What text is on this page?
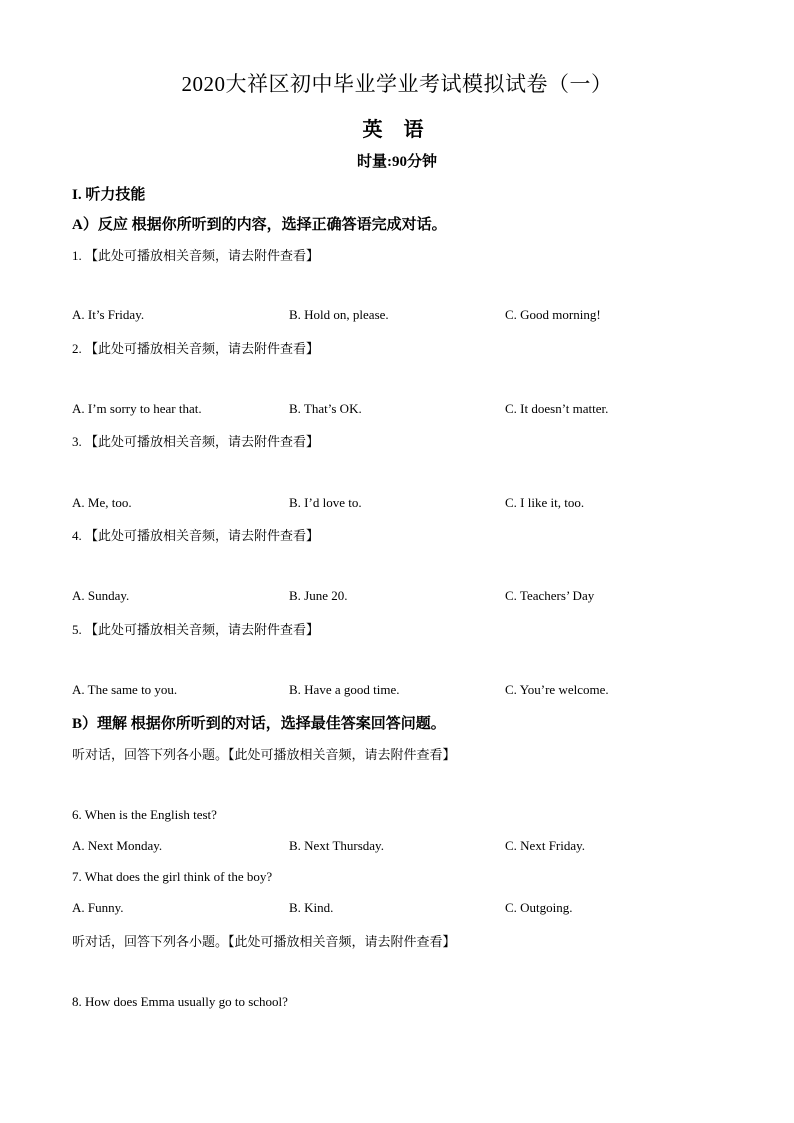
2020大祥区初中毕业学业考试模拟试卷（一）
英 语
时量:90分钟
I. 听力技能
A）反应 根据你所听到的内容，选择正确答语完成对话。
1. 【此处可播放相关音频，请去附件查看】
A. It’s Friday.	B. Hold on, please.	C. Good morning!
2. 【此处可播放相关音频，请去附件查看】
A. I’m sorry to hear that.	B. That’s OK.	C. It doesn’t matter.
3. 【此处可播放相关音频，请去附件查看】
A. Me, too.	B. I’d love to.	C. I like it, too.
4. 【此处可播放相关音频，请去附件查看】
A. Sunday.	B. June 20.	C. Teachers’ Day
5. 【此处可播放相关音频，请去附件查看】
A. The same to you.	B. Have a good time.	C. You’re welcome.
B）理解 根据你所听到的对话，选择最佳答案回答问题。
听对话，回答下列各小题。【此处可播放相关音频，请去附件查看】
6. When is the English test?
A. Next Monday.	B. Next Thursday.	C. Next Friday.
7. What does the girl think of the boy?
A. Funny.	B. Kind.	C. Outgoing.
听对话，回答下列各小题。【此处可播放相关音频，请去附件查看】
8. How does Emma usually go to school?
